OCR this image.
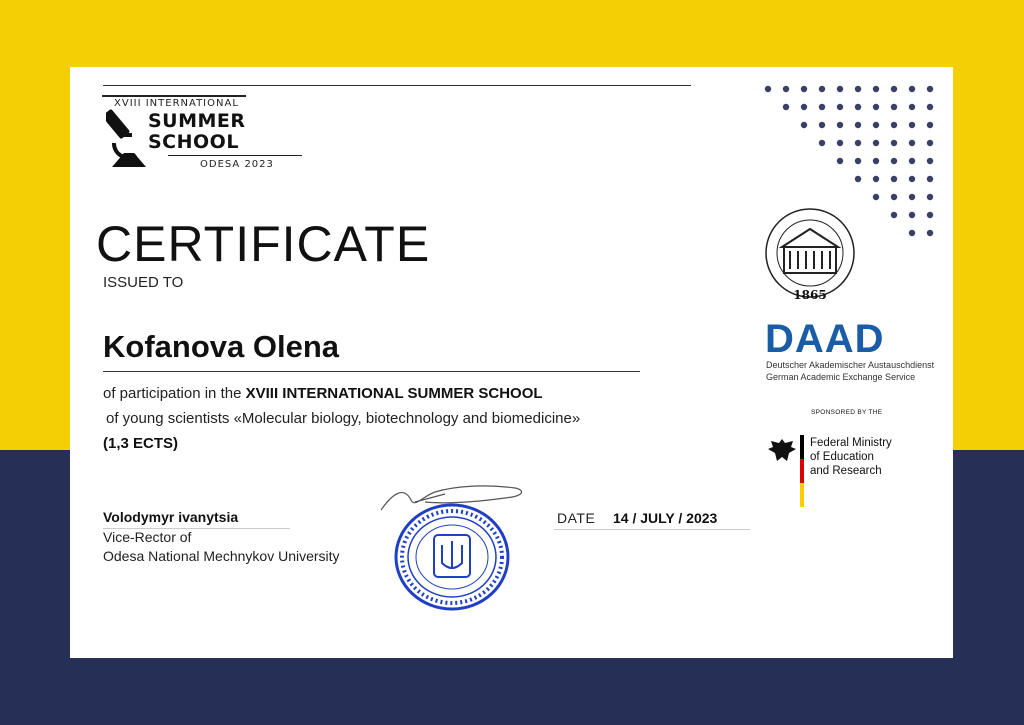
XVIII INTERNATIONAL
SUMMER
SCHOOL
ODESA 2023
CERTIFICATE
ISSUED TO
Kofanova Olena
of participation in the XVIII INTERNATIONAL SUMMER SCHOOL
of young scientists «Molecular biology, biotechnology and biomedicine»
(1,3 ECTS)
Volodymyr ivanytsia
Vice-Rector of
Odesa National Mechnykov University
DATE 14 / JULY / 2023
1865
DAAD
Deutscher Akademischer Austauschdienst
German Academic Exchange Service
SPONSORED BY THE
Federal Ministry
of Education
and Research
